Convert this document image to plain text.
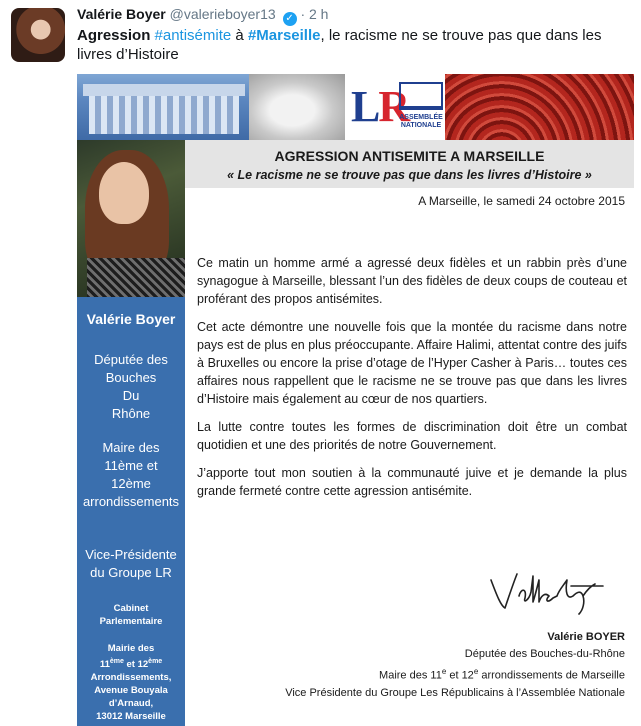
Valérie Boyer @valerieboyer13 ✓ · 2 h
Agression #antisémite à #Marseille, le racisme ne se trouve pas que dans les livres d’Histoire
LR
ASSEMBLÉE NATIONALE
Valérie Boyer
Députée des
Bouches
Du
Rhône
Maire des
11ème et
12ème
arrondissements
Vice-Présidente
du Groupe LR
Cabinet
Parlementaire
Mairie des
11ème et 12ème
Arrondissements,
Avenue Bouyala
d’Arnaud,
13012 Marseille
AGRESSION ANTISEMITE A MARSEILLE
« Le racisme ne se trouve pas que dans les livres d’Histoire »
A Marseille, le samedi 24 octobre 2015

Ce matin un homme armé a agressé deux fidèles et un rabbin près d’une synagogue à Marseille, blessant l’un des fidèles de deux coups de couteau et proférant des propos antisémites.

Cet acte démontre une nouvelle fois que la montée du racisme dans notre pays est de plus en plus préoccupante. Affaire Halimi, attentat contre des juifs à Bruxelles ou encore la prise d’otage de l’Hyper Casher à Paris… toutes ces affaires nous rappellent que le racisme ne se trouve pas que dans les livres d’Histoire mais également au cœur de nos quartiers.

La lutte contre toutes les formes de discrimination doit être un combat quotidien et une des priorités de notre Gouvernement.

J’apporte tout mon soutien à la communauté juive et je demande la plus grande fermeté contre cette agression antisémite.

Valérie BOYER
Députée des Bouches-du-Rhône
Maire des 11e et 12e arrondissements de Marseille
Vice Présidente du Groupe Les Républicains à l’Assemblée Nationale
